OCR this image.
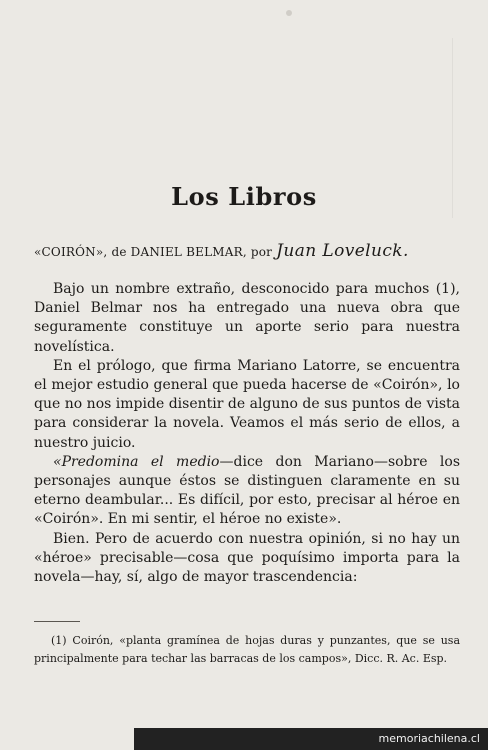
Los Libros
«COIRÓN», de DANIEL BELMAR, por Juan Loveluck.

Bajo un nombre extraño, desconocido para muchos (1), Daniel Belmar nos ha entregado una nueva obra que seguramente constituye un aporte serio para nuestra novelística.

En el prólogo, que firma Mariano Latorre, se encuentra el mejor estudio general que pueda hacerse de «Coirón», lo que no nos impide disentir de alguno de sus puntos de vista para considerar la novela. Veamos el más serio de ellos, a nuestro juicio.

«Predomina el medio—dice don Mariano—sobre los personajes aunque éstos se distinguen claramente en su eterno deambular... Es difícil, por esto, precisar al héroe en «Coirón». En mi sentir, el héroe no existe».

Bien. Pero de acuerdo con nuestra opinión, si no hay un «héroe» precisable—cosa que poquísimo importa para la novela—hay, sí, algo de mayor trascendencia:

(1) Coirón, «planta gramínea de hojas duras y punzantes, que se usa principalmente para techar las barracas de los campos», Dicc. R. Ac. Esp.

memoriachilena.cl
